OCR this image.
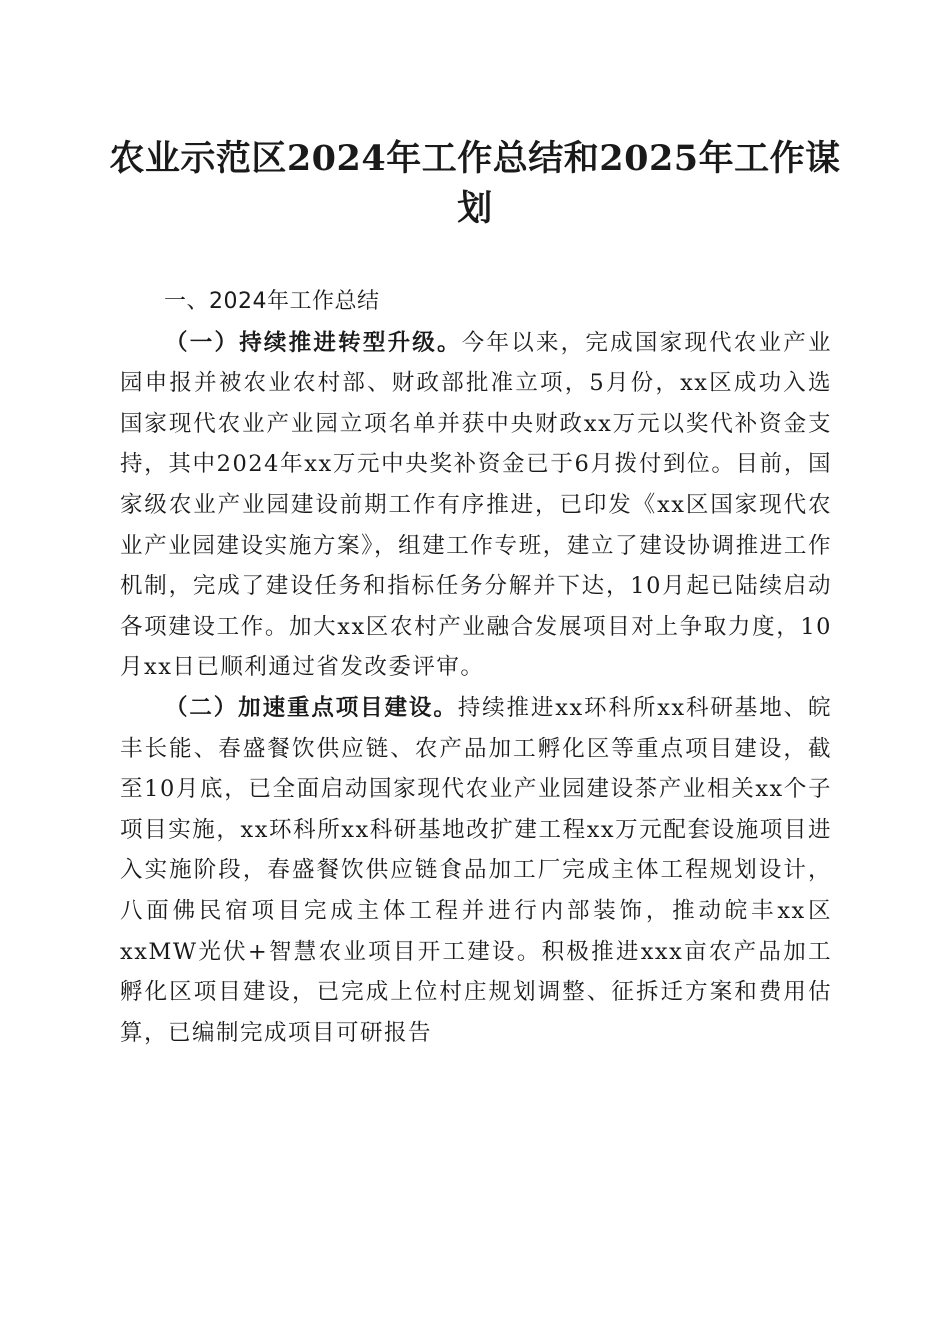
农业示范区2024年工作总结和2025年工作谋划

一、2024年工作总结

（一）持续推进转型升级。今年以来，完成国家现代农业产业园申报并被农业农村部、财政部批准立项，5月份，xx区成功入选国家现代农业产业园立项名单并获中央财政xx万元以奖代补资金支持，其中2024年xx万元中央奖补资金已于6月拨付到位。目前，国家级农业产业园建设前期工作有序推进，已印发《xx区国家现代农业产业园建设实施方案》，组建工作专班，建立了建设协调推进工作机制，完成了建设任务和指标任务分解并下达，10月起已陆续启动各项建设工作。加大xx区农村产业融合发展项目对上争取力度，10月xx日已顺利通过省发改委评审。

（二）加速重点项目建设。持续推进xx环科所xx科研基地、皖丰长能、春盛餐饮供应链、农产品加工孵化区等重点项目建设，截至10月底，已全面启动国家现代农业产业园建设茶产业相关xx个子项目实施，xx环科所xx科研基地改扩建工程xx万元配套设施项目进入实施阶段，春盛餐饮供应链食品加工厂完成主体工程规划设计，八面佛民宿项目完成主体工程并进行内部装饰，推动皖丰xx区xxMW光伏+智慧农业项目开工建设。积极推进xxx亩农产品加工孵化区项目建设，已完成上位村庄规划调整、征拆迁方案和费用估算，已编制完成项目可研报告
